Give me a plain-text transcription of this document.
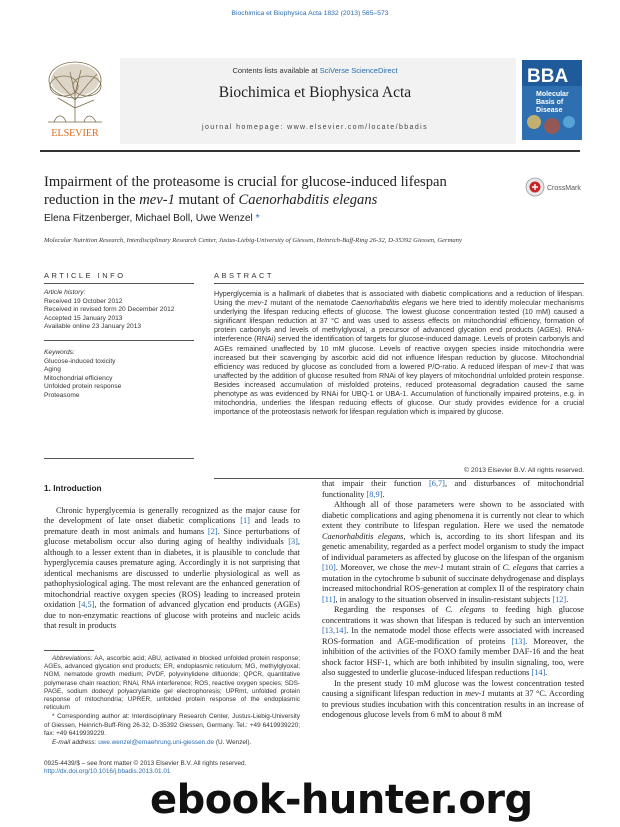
Biochimica et Biophysica Acta 1832 (2013) 565–573
ELSEVIER
Contents lists available at SciVerse ScienceDirect
Biochimica et Biophysica Acta
journal homepage: www.elsevier.com/locate/bbadis
BBA
Molecular
Basis of
Disease
Impairment of the proteasome is crucial for glucose-induced lifespan reduction in the mev-1 mutant of Caenorhabditis elegans
CrossMark
Elena Fitzenberger, Michael Boll, Uwe Wenzel *
Molecular Nutrition Research, Interdisciplinary Research Center, Justus-Liebig-University of Giessen, Heinrich-Buff-Ring 26-32, D-35392 Giessen, Germany
ARTICLE INFO	ABSTRACT
Article history:
Received 19 October 2012
Received in revised form 20 December 2012
Accepted 15 January 2013
Available online 23 January 2013
Keywords:
Glucose-induced toxicity
Aging
Mitochondrial efficiency
Unfolded protein response
Proteasome
Hyperglycemia is a hallmark of diabetes that is associated with diabetic complications and a reduction of lifespan. Using the mev-1 mutant of the nematode Caenorhabditis elegans we here tried to identify molecular mechanisms underlying the lifespan reducing effects of glucose. The lowest glucose concentration tested (10 mM) caused a significant lifespan reduction at 37 °C and was used to assess effects on mitochondrial efficiency, formation of protein carbonyls and levels of methylglyoxal, a precursor of advanced glycation end products (AGEs). RNA-interference (RNAi) served the identification of targets for glucose-induced damage. Levels of protein carbonyls and AGEs remained unaffected by 10 mM glucose. Levels of reactive oxygen species inside mitochondria were increased but their scavenging by ascorbic acid did not influence lifespan reduction by glucose. Mitochondrial efficiency was reduced by glucose as concluded from a lowered P/O-ratio. A reduced lifespan of mev-1 that was unaffected by the addition of glucose resulted from RNAi of key players of mitochondrial unfolded protein response. Besides increased accumulation of misfolded proteins, reduced proteasomal degradation caused the same phenotype as was evidenced by RNAi for UBQ-1 or UBA-1. Accumulation of functionally impaired proteins, e.g. in mitochondria, underlies the lifespan reducing effects of glucose. Our study provides evidence for a crucial importance of the proteostasis network for lifespan regulation which is impaired by glucose.
© 2013 Elsevier B.V. All rights reserved.
1. Introduction

Chronic hyperglycemia is generally recognized as the major cause for the development of late onset diabetic complications [1] and leads to premature death in most animals and humans [2]. Since perturbations of glucose metabolism occur also during aging of healthy individuals [3], although to a lesser extent than in diabetes, it is plausible to conclude that hyperglycemia causes premature aging. Accordingly it is not surprising that identical mechanisms are discussed to underlie physiological as well as pathophysiological aging. The most relevant are the enhanced generation of mitochondrial reactive oxygen species (ROS) leading to increased protein oxidation [4,5], the formation of advanced glycation end products (AGEs) due to non-enzymatic reactions of glucose with proteins and nucleic acids that result in products

that impair their function [6,7], and disturbances of mitochondrial functionality [8,9].

Although all of those parameters were shown to be associated with diabetic complications and aging phenomena it is currently not clear to which extent they contribute to lifespan regulation. Here we used the nematode Caenorhabditis elegans, which is, according to its short lifespan and its genetic amenability, regarded as a perfect model organism to study the impact of individual parameters as affected by glucose on the lifespan of the organism [10]. Moreover, we chose the mev-1 mutant strain of C. elegans that carries a mutation in the cytochrome b subunit of succinate dehydrogenase and displays increased mitochondrial ROS-generation at complex II of the respiratory chain [11], in analogy to the situation observed in insulin-resistant subjects [12].

Regarding the responses of C. elegans to feeding high glucose concentrations it was shown that lifespan is reduced by such an intervention [13,14]. In the nematode model those effects were associated with increased ROS-formation and AGE-modification of proteins [13]. Moreover, the inhibition of the activities of the FOXO family member DAF-16 and the heat shock factor HSF-1, which are both inhibited by insulin signaling, too, were also suggested to underlie glucose-induced lifespan reductions [14].

In the present study 10 mM glucose was the lowest concentration tested causing a significant lifespan reduction in mev-1 mutants at 37 °C. According to previous studies incubation with this concentration results in an increase of endogenous glucose levels from 6 mM to about 8 mM

Abbreviations: AA, ascorbic acid; ABU, activated in blocked unfolded protein response; AGEs, advanced glycation end products; ER, endoplasmic reticulum; MG, methylglyoxal; NGM, nematode growth medium; PVDF, polyvinylidene difluoride; QPCR, quantitative polymerase chain reaction; RNAi, RNA interference; ROS, reactive oxygen species; SDS-PAGE, sodium dodecyl polyacrylamide gel electrophoresis; UPRmt, unfolded protein response of mitochondria; UPRER, unfolded protein response of the endoplasmic reticulum

* Corresponding author at: Interdisciplinary Research Center, Justus-Liebig-University of Giessen, Heinrich-Buff-Ring 26-32, D-35392 Giessen, Germany. Tel.: +49 6419939220; fax: +49 6419939229.

E-mail address: uwe.wenzel@ernaehrung.uni-giessen.de (U. Wenzel).

0925-4439/$ – see front matter © 2013 Elsevier B.V. All rights reserved.
http://dx.doi.org/10.1016/j.bbadis.2013.01.01
ebook-hunter.org
